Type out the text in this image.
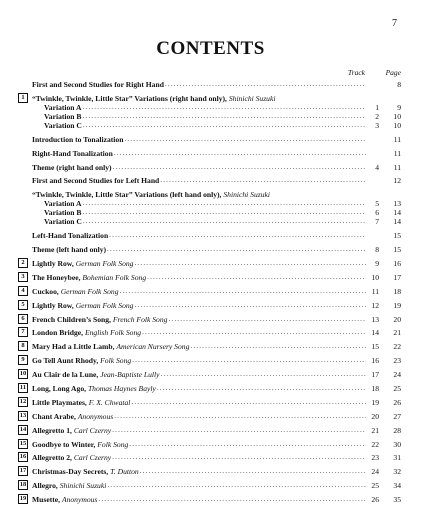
7
CONTENTS
Track	Page
First and Second Studies for Right Hand .....	8
1 “Twinkle, Twinkle, Little Star” Variations (right hand only),
Shinichi Suzuki
Variation A .....	1	9
Variation B .....	2	10
Variation C .....	3	10
Introduction to Tonalization .....	11
Right-Hand Tonalization .....	11
Theme (right hand only) .....	4	11
First and Second Studies for Left Hand .....	12
“Twinkle, Twinkle, Little Star” Variations (left hand only),
Shinichi Suzuki
Variation A .....	5	13
Variation B .....	6	14
Variation C .....	7	14
Left-Hand Tonalization .....	15
Theme (left hand only) .....	8	15
2 Lightly Row,
German Folk Song .....	9	16
3 The Honeybee,
Bohemian Folk Song .....	10	17
4 Cuckoo,
German Folk Song .....	11	18
5 Lightly Row,
German Folk Song .....	12	19
6 French Children’s Song,
French Folk Song .....	13	20
7 London Bridge,
English Folk Song .....	14	21
8 Mary Had a Little Lamb,
American Nursery Song .....	15	22
9 Go Tell Aunt Rhody,
Folk Song .....	16	23
10 Au Clair de la Lune,
Jean-Baptiste Lully .....	17	24
11 Long, Long Ago,
Thomas Haynes Bayly .....	18	25
12 Little Playmates,
F. X. Chwatal .....	19	26
13 Chant Arabe,
Anonymous .....	20	27
14 Allegretto 1,
Carl Czerny .....	21	28
15 Goodbye to Winter,
Folk Song .....	22	30
16 Allegretto 2,
Carl Czerny .....	23	31
17 Christmas-Day Secrets,
T. Dutton .....	24	32
18 Allegro,
Shinichi Suzuki .....	25	34
19 Musette,
Anonymous .....	26	35
